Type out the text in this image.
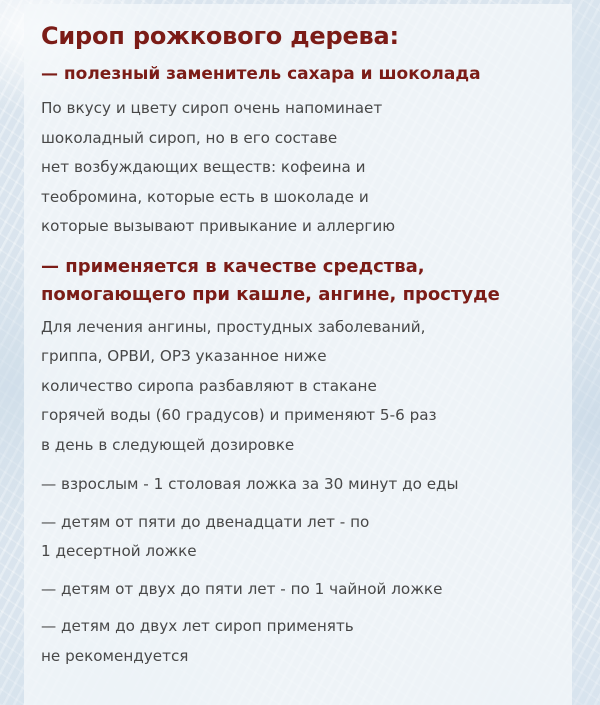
Сироп рожкового дерева:

— полезный заменитель сахара и шоколада

По вкусу и цвету сироп очень напоминает
шоколадный сироп, но в его составе
нет возбуждающих веществ: кофеина и
теобромина, которые есть в шоколаде и
которые вызывают привыкание и аллергию

— применяется в качестве средства,
помогающего при кашле, ангине, простуде

Для лечения ангины, простудных заболеваний,
гриппа, ОРВИ, ОРЗ указанное ниже
количество сиропа разбавляют в стакане
горячей воды (60 градусов) и применяют 5-6 раз
в день в следующей дозировке

— взрослым - 1 столовая ложка за 30 минут до еды

— детям от пяти до двенадцати лет - по
1 десертной ложке

— детям от двух до пяти лет - по 1 чайной ложке

— детям до двух лет сироп применять
не рекомендуется
